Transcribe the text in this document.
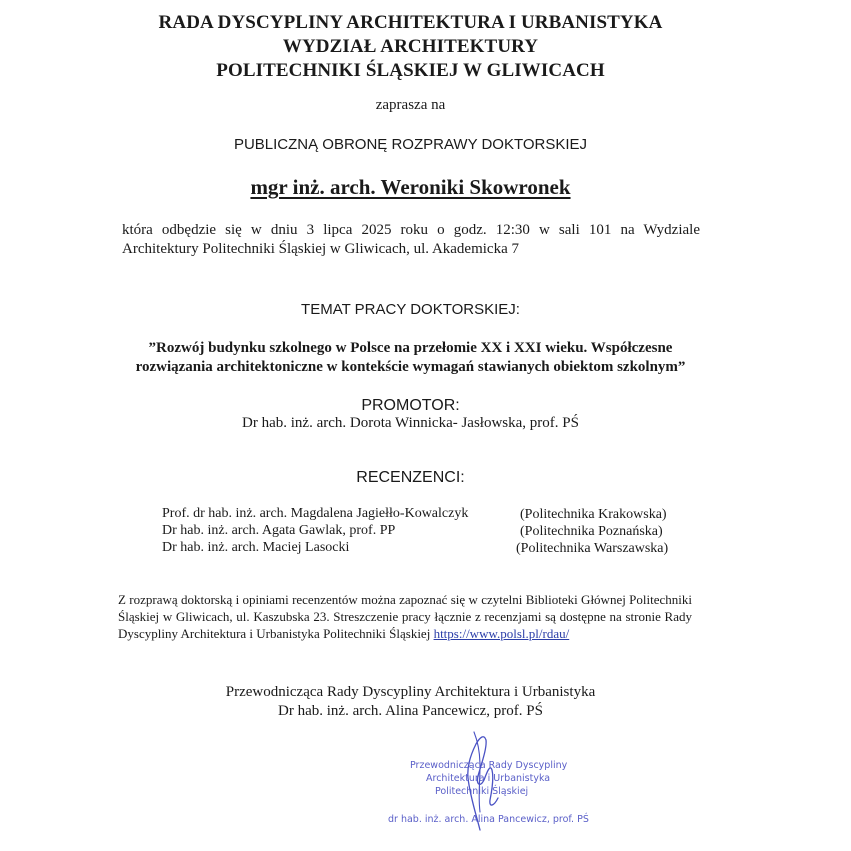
RADA DYSCYPLINY ARCHITEKTURA I URBANISTYKA
WYDZIAŁ ARCHITEKTURY
POLITECHNIKI ŚLĄSKIEJ W GLIWICACH
zaprasza na
PUBLICZNĄ OBRONĘ ROZPRAWY DOKTORSKIEJ
mgr inż. arch. Weroniki Skowronek
która odbędzie się w dniu 3 lipca 2025 roku o godz. 12:30 w sali 101 na Wydziale
Architektury Politechniki Śląskiej w Gliwicach, ul. Akademicka 7
TEMAT PRACY DOKTORSKIEJ:
”Rozwój budynku szkolnego w Polsce na przełomie XX i XXI wieku. Współczesne
rozwiązania architektoniczne w kontekście wymagań stawianych obiektom szkolnym”
PROMOTOR:
Dr hab. inż. arch. Dorota Winnicka- Jasłowska, prof. PŚ
RECENZENCI:
Prof. dr hab. inż. arch. Magdalena Jagiełło-Kowalczyk	(Politechnika Krakowska)
Dr hab. inż. arch. Agata Gawlak, prof. PP	(Politechnika Poznańska)
Dr hab. inż. arch. Maciej Lasocki	(Politechnika Warszawska)
Z rozprawą doktorską i opiniami recenzentów można zapoznać się w czytelni Biblioteki Głównej Politechniki
Śląskiej w Gliwicach, ul. Kaszubska 23. Streszczenie pracy łącznie z recenzjami są dostępne na stronie Rady
Dyscypliny Architektura i Urbanistyka Politechniki Śląskiej https://www.polsl.pl/rdau/
Przewodnicząca Rady Dyscypliny Architektura i Urbanistyka
Dr hab. inż. arch. Alina Pancewicz, prof. PŚ
Przewodnicząca Rady Dyscypliny
Architektura i Urbanistyka
Politechniki Śląskiej
dr hab. inż. arch. Alina Pancewicz, prof. PŚ
